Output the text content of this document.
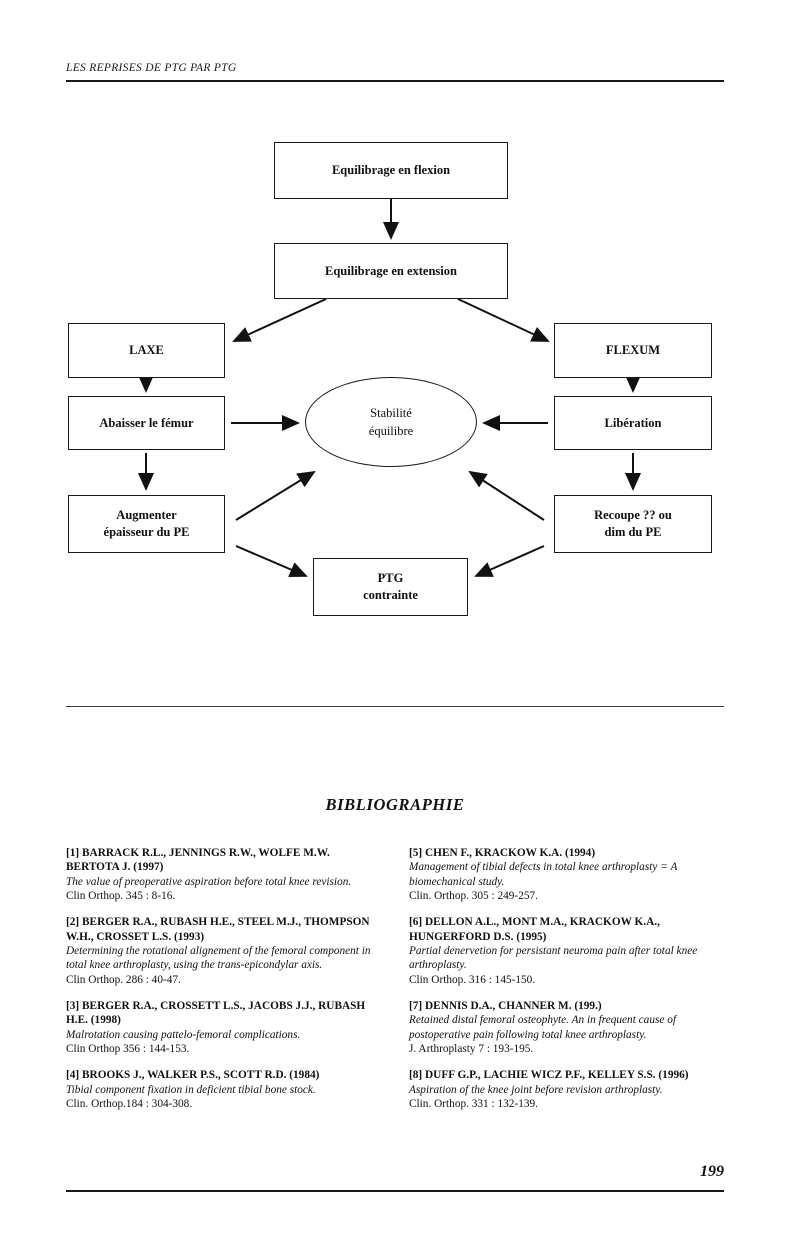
LES REPRISES DE PTG PAR PTG
Equilibrage en flexion
Equilibrage en extension
LAXE	FLEXUM
Abaisser le fémur	Libération
Augmenter
épaisseur du PE
Recoupe ?? ou
dim du PE
PTG
contrainte
Stabilité
équilibre
BIBLIOGRAPHIE
[1] BARRACK R.L., JENNINGS R.W., WOLFE M.W. BERTOTA J. (1997)
The value of preoperative aspiration before total knee revision.
Clin Orthop. 345 : 8-16.
[2] BERGER R.A., RUBASH H.E., STEEL M.J., THOMPSON W.H., CROSSET L.S. (1993)
Determining the rotational alignement of the femoral component in total knee arthroplasty, using the trans-epicondylar axis.
Clin Orthop. 286 : 40-47.
[3] BERGER R.A., CROSSETT L.S., JACOBS J.J., RUBASH H.E. (1998)
Malrotation causing pattelo-femoral complications.
Clin Orthop 356 : 144-153.
[4] BROOKS J., WALKER P.S., SCOTT R.D. (1984)
Tibial component fixation in deficient tibial bone stock.
Clin. Orthop.184 : 304-308.
[5] CHEN F., KRACKOW K.A. (1994)
Management of tibial defects in total knee arthroplasty = A biomechanical study.
Clin. Orthop. 305 : 249-257.
[6] DELLON A.L., MONT M.A., KRACKOW K.A., HUNGERFORD D.S. (1995)
Partial denervetion for persistant neuroma pain after total knee arthroplasty.
Clin Orthop. 316 : 145-150.
[7] DENNIS D.A., CHANNER M. (199.)
Retained distal femoral osteophyte. An in frequent cause of postoperative pain following total knee arthroplasty.
J. Arthroplasty 7 : 193-195.
[8] DUFF G.P., LACHIE WICZ P.F., KELLEY S.S. (1996)
Aspiration of the knee joint before revision arthroplasty.
Clin. Orthop. 331 : 132-139.
199
